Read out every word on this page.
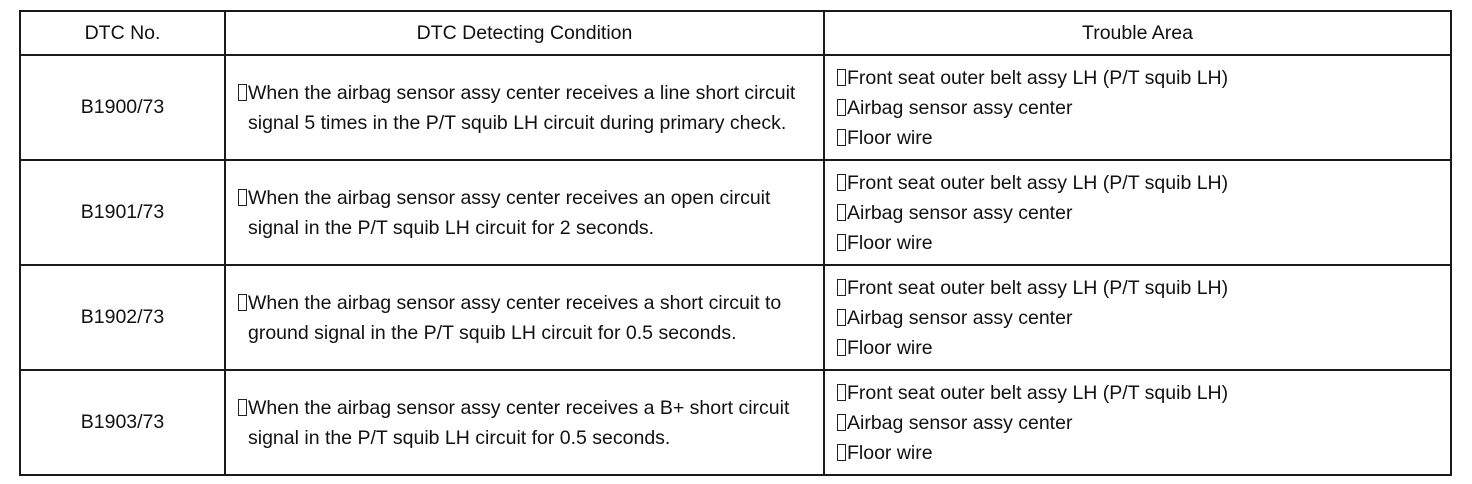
DTC No.	DTC Detecting Condition	Trouble Area
B1900/73	When the airbag sensor assy center receives a line short circuit signal 5 times in the P/T squib LH circuit during primary check.	Front seat outer belt assy LH (P/T squib LH)
Airbag sensor assy center
Floor wire

B1901/73	When the airbag sensor assy center receives an open circuit signal in the P/T squib LH circuit for 2 seconds.	Front seat outer belt assy LH (P/T squib LH)
Airbag sensor assy center
Floor wire

B1902/73	When the airbag sensor assy center receives a short circuit to ground signal in the P/T squib LH circuit for 0.5 seconds.	Front seat outer belt assy LH (P/T squib LH)
Airbag sensor assy center
Floor wire

B1903/73	When the airbag sensor assy center receives a B+ short circuit signal in the P/T squib LH circuit for 0.5 seconds.	Front seat outer belt assy LH (P/T squib LH)
Airbag sensor assy center
Floor wire
